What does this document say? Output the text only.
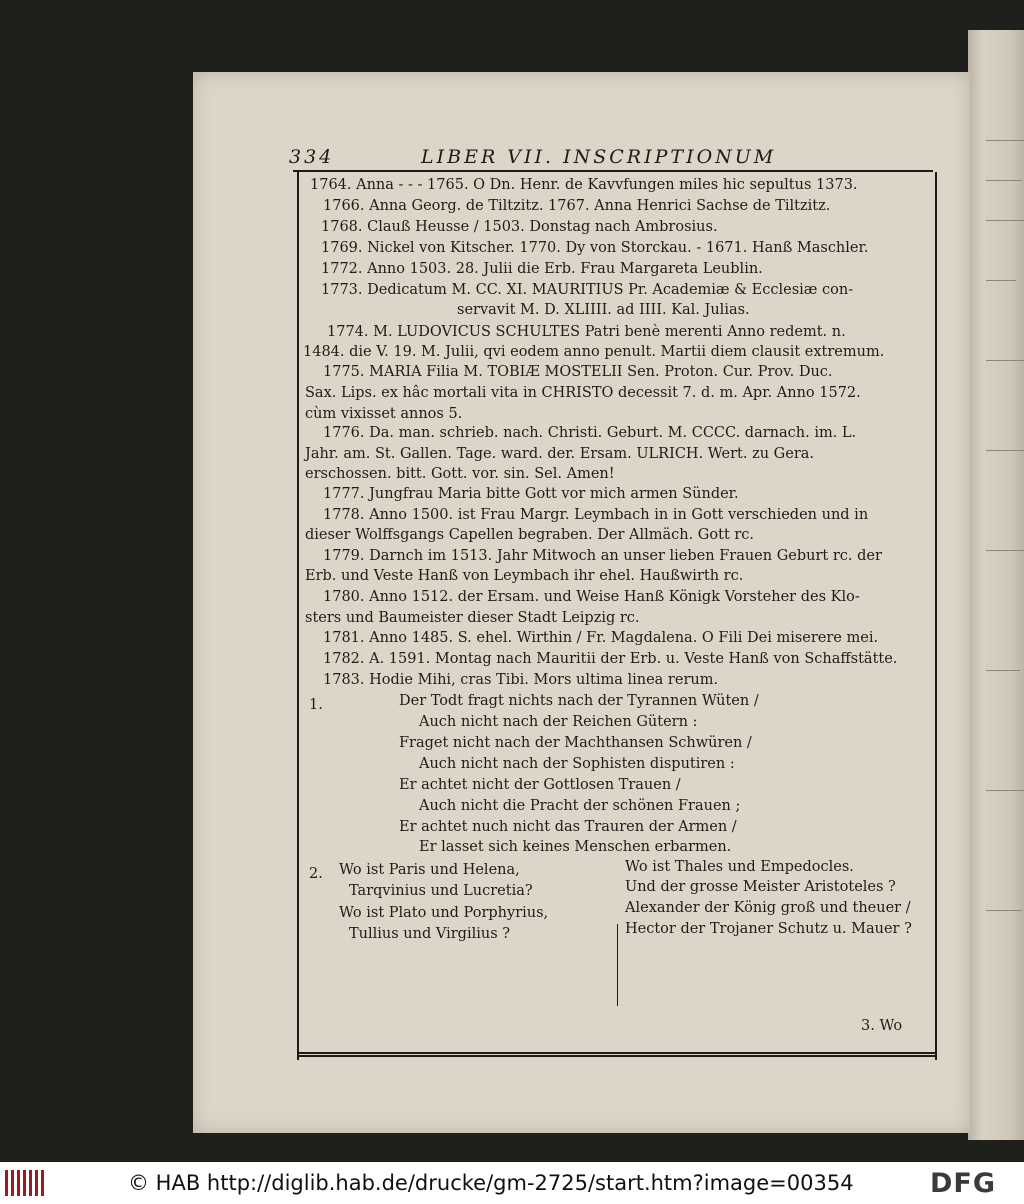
334	LIBER VII. INSCRIPTIONUM
1764. Anna - - - 1765. O Dn. Henr. de Kavvfungen miles hic sepultus 1373.
1766. Anna Georg. de Tiltzitz. 1767. Anna Henrici Sachse de Tiltzitz.
1768. Clauß Heusse / 1503. Donstag nach Ambrosius.
1769. Nickel von Kitscher. 1770. Dy von Storckau. - 1671. Hanß Maschler.
1772. Anno 1503. 28. Julii die Erb. Frau Margareta Leublin.
1773. Dedicatum M. CC. XI. MAURITIUS Pr. Academiæ & Ecclesiæ con-
servavit M. D. XLIIII. ad IIII. Kal. Julias.
1774. M. LUDOVICUS SCHULTES Patri benè merenti Anno redemt. n.
1484. die V. 19. M. Julii, qvi eodem anno penult. Martii diem clausit extremum.
1775. MARIA Filia M. TOBIÆ MOSTELII Sen. Proton. Cur. Prov. Duc.
Sax. Lips. ex hâc mortali vita in CHRISTO decessit 7. d. m. Apr. Anno 1572.
cùm vixisset annos 5.
1776. Da. man. schrieb. nach. Christi. Geburt. M. CCCC. darnach. im. L.
Jahr. am. St. Gallen. Tage. ward. der. Ersam. ULRICH. Wert. zu Gera.
erschossen. bitt. Gott. vor. sin. Sel. Amen!
1777. Jungfrau Maria bitte Gott vor mich armen Sünder.
1778. Anno 1500. ist Frau Margr. Leymbach in in Gott verschieden und in
dieser Wolffsgangs Capellen begraben. Der Allmäch. Gott rc.
1779. Darnch im 1513. Jahr Mitwoch an unser lieben Frauen Geburt rc. der
Erb. und Veste Hanß von Leymbach ihr ehel. Haußwirth rc.
1780. Anno 1512. der Ersam. und Weise Hanß Königk Vorsteher des Klo-
sters und Baumeister dieser Stadt Leipzig rc.
1781. Anno 1485. S. ehel. Wirthin / Fr. Magdalena. O Fili Dei miserere mei.
1782. A. 1591. Montag nach Mauritii der Erb. u. Veste Hanß von Schaffstätte.
1783. Hodie Mihi, cras Tibi. Mors ultima linea rerum.
1.	Der Todt fragt nichts nach der Tyrannen Wüten /
Auch nicht nach der Reichen Gütern :
Fraget nicht nach der Machthansen Schwüren /
Auch nicht nach der Sophisten disputiren :
Er achtet nicht der Gottlosen Trauen /
Auch nicht die Pracht der schönen Frauen ;
Er achtet nuch nicht das Trauren der Armen /
Er lasset sich keines Menschen erbarmen.
2. Wo ist Paris und Helena,
Tarqvinius und Lucretia?
Wo ist Plato und Porphyrius,
Tullius und Virgilius ?
Wo ist Thales und Empedocles.
Und der grosse Meister Aristoteles ?
Alexander der König groß und theuer /
Hector der Trojaner Schutz u. Mauer ?
3. Wo
© HAB http://diglib.hab.de/drucke/gm-2725/start.htm?image=00354	DFG
